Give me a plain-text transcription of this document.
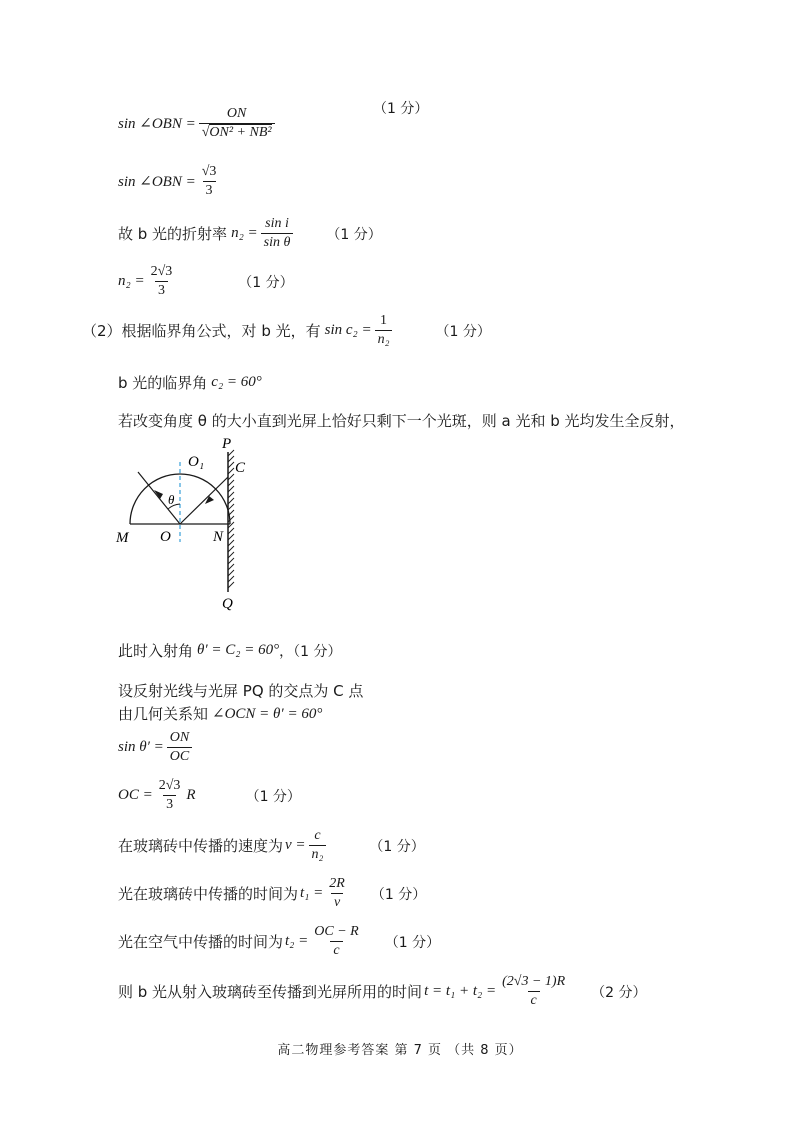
sin ∠OBN = $\frac{ON}{\text{√ON² + NB²}}$	（1 分）
sin ∠OBN = $\frac{√3}{3}$
故 b 光的折射率 $n_2 = \frac{\text{sin i}}{\text{sin θ}} (1$ 分）
$n_2 = \frac{2√3}{3}$	（1 分）
（2）根据临界角公式，对 b 光，有 $\sin c_2 = \frac{1}{\text{n₂}}$	（1 分）
b 光的临界角 c₂ = 60°
若改变角度 θ 的大小直到光屏上恰好只剩下一个光斑，则 a 光和 b 光均发生全反射，
P
O₁ C
θ
M O	N
Q
此时入射角 θ′ = C₂ = 60° ，（1 分）
设反射光线与光屏 PQ 的交点为 C 点
由几何关系知 ∠OCN = θ′ = 60°
$\sin \theta' = \frac{ON}{OC}$
OC = $\frac{2√3}{3}$ R	（1 分）
在玻璃砖中传播的速度为 $v = \frac{c}{\text{n₂}}$	（1 分）
光在玻璃砖中传播的时间为 $t_1 = \frac{2R}{v} (1$ 分）
光在空气中传播的时间为 $t_2 = \frac{OC - R}{c} (1$ 分）
则 b 光从射入玻璃砖至传播到光屏所用的时间 $t = t_1 + t_2 = \frac{(2√3 - 1)R}{c} (2$ 分）
高二物理参考答案 第 7 页 （共 8 页）
